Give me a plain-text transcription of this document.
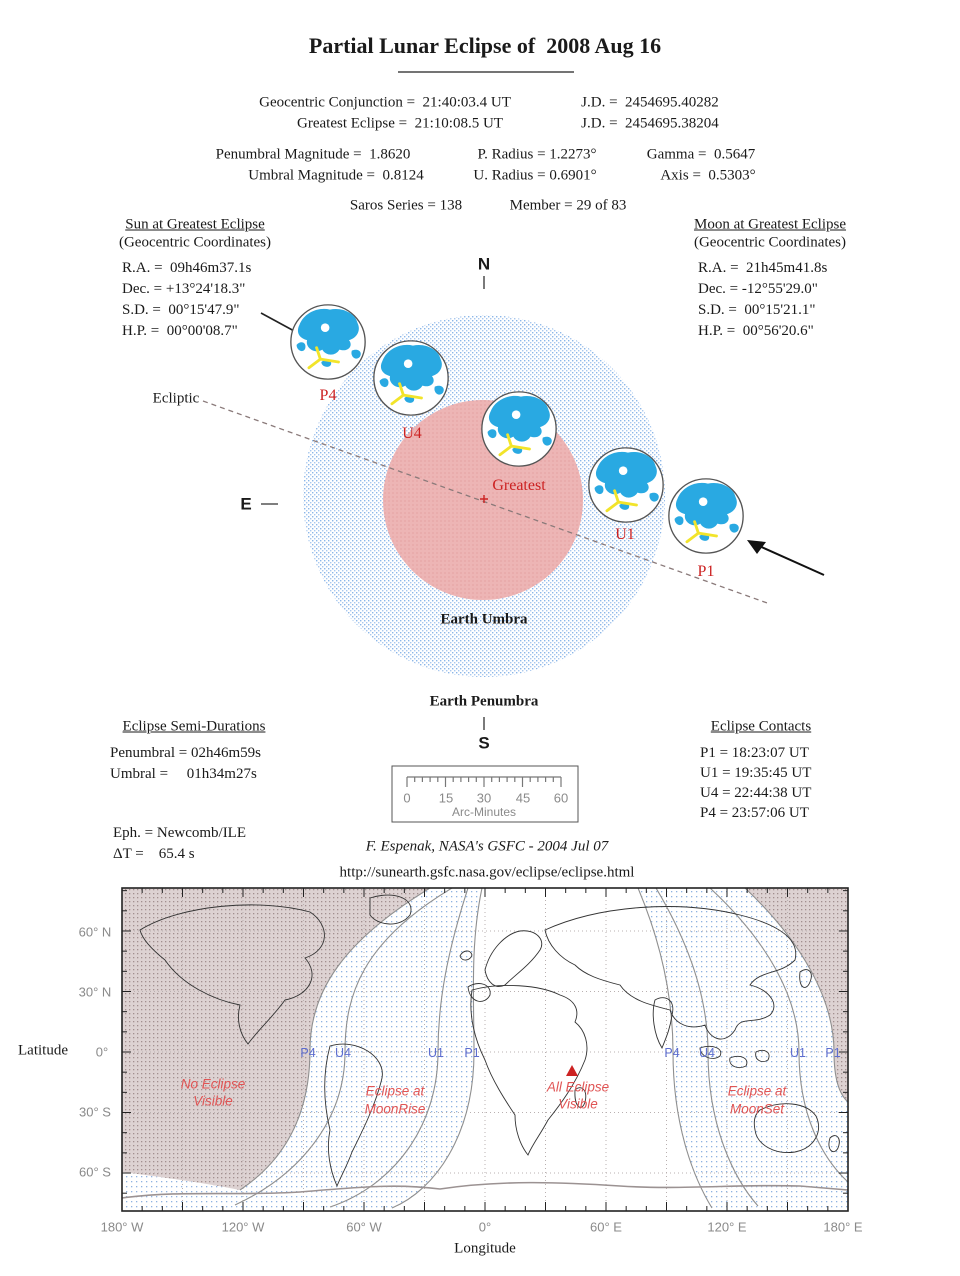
Partial Lunar Eclipse of  2008 Aug 16
Geocentric Conjunction =  21:40:03.4 UT	J.D. =  2454695.40282
Greatest Eclipse =  21:10:08.5 UT	J.D. =  2454695.38204
Penumbral Magnitude =  1.8620	P. Radius = 1.2273°	Gamma =  0.5647
Umbral Magnitude =  0.8124	U. Radius = 0.6901°	Axis =  0.5303°
Saros Series = 138	Member = 29 of 83
Sun at Greatest Eclipse
(Geocentric Coordinates)
R.A. =  09h46m37.1s
Dec. = +13°24'18.3"
S.D. =  00°15'47.9"
H.P. =  00°00'08.7"
Moon at Greatest Eclipse
(Geocentric Coordinates)
R.A. =  21h45m41.8s
Dec. = -12°55'29.0"
S.D. =  00°15'21.1"
H.P. =  00°56'20.6"
N
E
S
Ecliptic	P4
U4
Greatest
U1
P1
Earth Umbra
Earth Penumbra
0 15 30 45 60
Arc-Minutes
Eclipse Semi-Durations
Penumbral = 02h46m59s
Umbral =     01h34m27s
Eclipse Contacts
P1 = 18:23:07 UT
U1 = 19:35:45 UT
U4 = 22:44:38 UT
P4 = 23:57:06 UT
Eph. = Newcomb/ILE
ΔT =    65.4 s	F. Espenak, NASA's GSFC - 2004 Jul 07
http://sunearth.gsfc.nasa.gov/eclipse/eclipse.html
Latitude
60° N
30° N
0°
30° S
60° S
180° W	120° W	60° W	0°	60° E	120° E	180° E
Longitude
P4 U4	U1 P1	P4 U4	U1 P1
No Eclipse
Visible
Eclipse at
MoonRise
All Eclipse
Visible
Eclipse at
MoonSet
